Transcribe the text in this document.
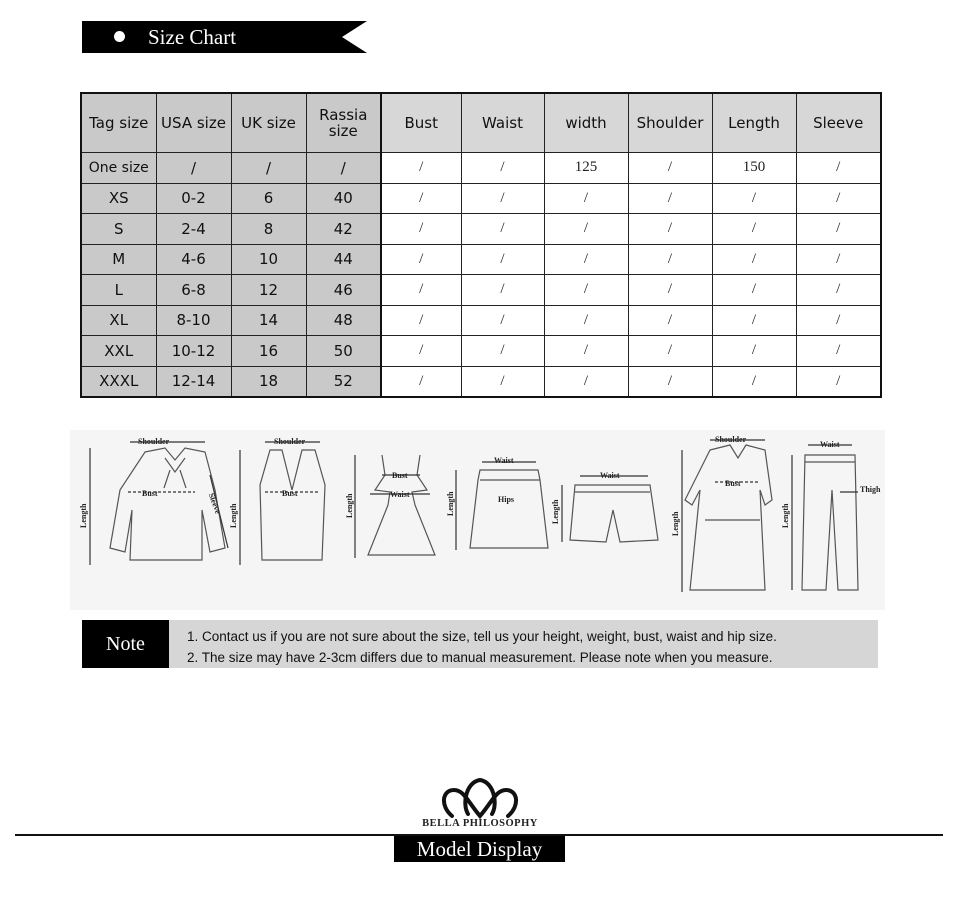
Size Chart
Tag size	USA size	UK size	Rassia size	Bust	Waist	width	Shoulder	Length	Sleeve
One size	/	/	/	/	/	125	/	150	/
XS	0-2	6	40	/	/	/	/	/	/
S	2-4	8	42	/	/	/	/	/	/
M	4-6	10	44	/	/	/	/	/	/
L	6-8	12	46	/	/	/	/	/	/
XL	8-10	14	48	/	/	/	/	/	/
XXL	10-12	16	50	/	/	/	/	/	/
XXXL	12-14	18	52	/	/	/	/	/	/
Shoulder
Bust
Length
Sleeve
Shoulder
Bust
Length
Bust
Waist
Length
Waist
Hips
Length
Waist
Length
Shoulder
Bust
Length
Waist
Thigh
Length
Note	1. Contact us if you are not sure about the size, tell us your height, weight, bust, waist and hip size.
2. The size may have 2-3cm differs due to manual measurement. Please note when you measure.
BELLA PHILOSOPHY
Model Display
